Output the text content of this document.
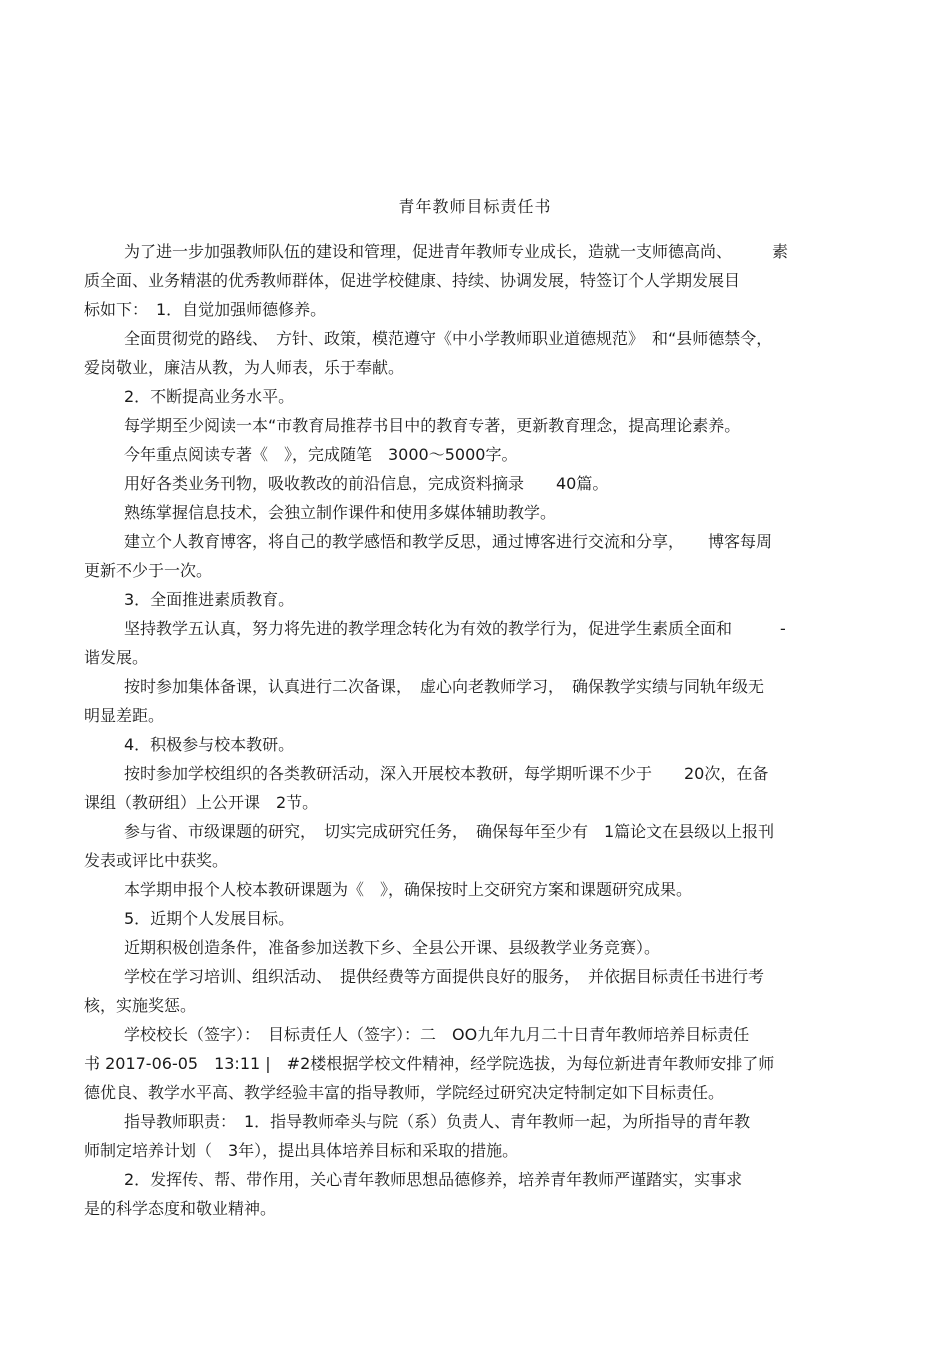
青年教师目标责任书
为了进一步加强教师队伍的建设和管理，促进青年教师专业成长，造就一支师德高尚、　　　素
质全面、业务精湛的优秀教师群体，促进学校健康、持续、协调发展，特签订个人学期发展目
标如下：　1．自觉加强师德修养。
全面贯彻党的路线、　方针、政策，模范遵守《中小学教师职业道德规范》　和“县师德禁令，
爱岗敬业，廉洁从教，为人师表，乐于奉献。
2．不断提高业务水平。
每学期至少阅读一本“市教育局推荐书目中的教育专著，更新教育理念，提高理论素养。
今年重点阅读专著《　》，完成随笔　3000～5000字。
用好各类业务刊物，吸收教改的前沿信息，完成资料摘录　　40篇。
熟练掌握信息技术，会独立制作课件和使用多媒体辅助教学。
建立个人教育博客，将自己的教学感悟和教学反思，通过博客进行交流和分享，　　博客每周
更新不少于一次。
3．全面推进素质教育。
坚持教学五认真，努力将先进的教学理念转化为有效的教学行为，促进学生素质全面和　　　-
谐发展。
按时参加集体备课，认真进行二次备课，　虚心向老教师学习，　确保教学实绩与同轨年级无
明显差距。
4．积极参与校本教研。
按时参加学校组织的各类教研活动，深入开展校本教研，每学期听课不少于　　20次，在备
课组（教研组）上公开课　2节。
参与省、市级课题的研究，　切实完成研究任务，　确保每年至少有　1篇论文在县级以上报刊
发表或评比中获奖。
本学期申报个人校本教研课题为《　》，确保按时上交研究方案和课题研究成果。
5．近期个人发展目标。
近期积极创造条件，准备参加送教下乡、全县公开课、县级教学业务竞赛）。
学校在学习培训、组织活动、　提供经费等方面提供良好的服务，　并依据目标责任书进行考
核，实施奖惩。
学校校长（签字）：　目标责任人（签字）：二　OO九年九月二十日青年教师培养目标责任
书 2017-06-05　13:11 |　#2楼根据学校文件精神，经学院选拔，为每位新进青年教师安排了师
德优良、教学水平高、教学经验丰富的指导教师，学院经过研究决定特制定如下目标责任。
指导教师职责：　1．指导教师牵头与院（系）负责人、青年教师一起，为所指导的青年教
师制定培养计划（　3年），提出具体培养目标和采取的措施。
2．发挥传、帮、带作用，关心青年教师思想品德修养，培养青年教师严谨踏实，实事求
是的科学态度和敬业精神。
